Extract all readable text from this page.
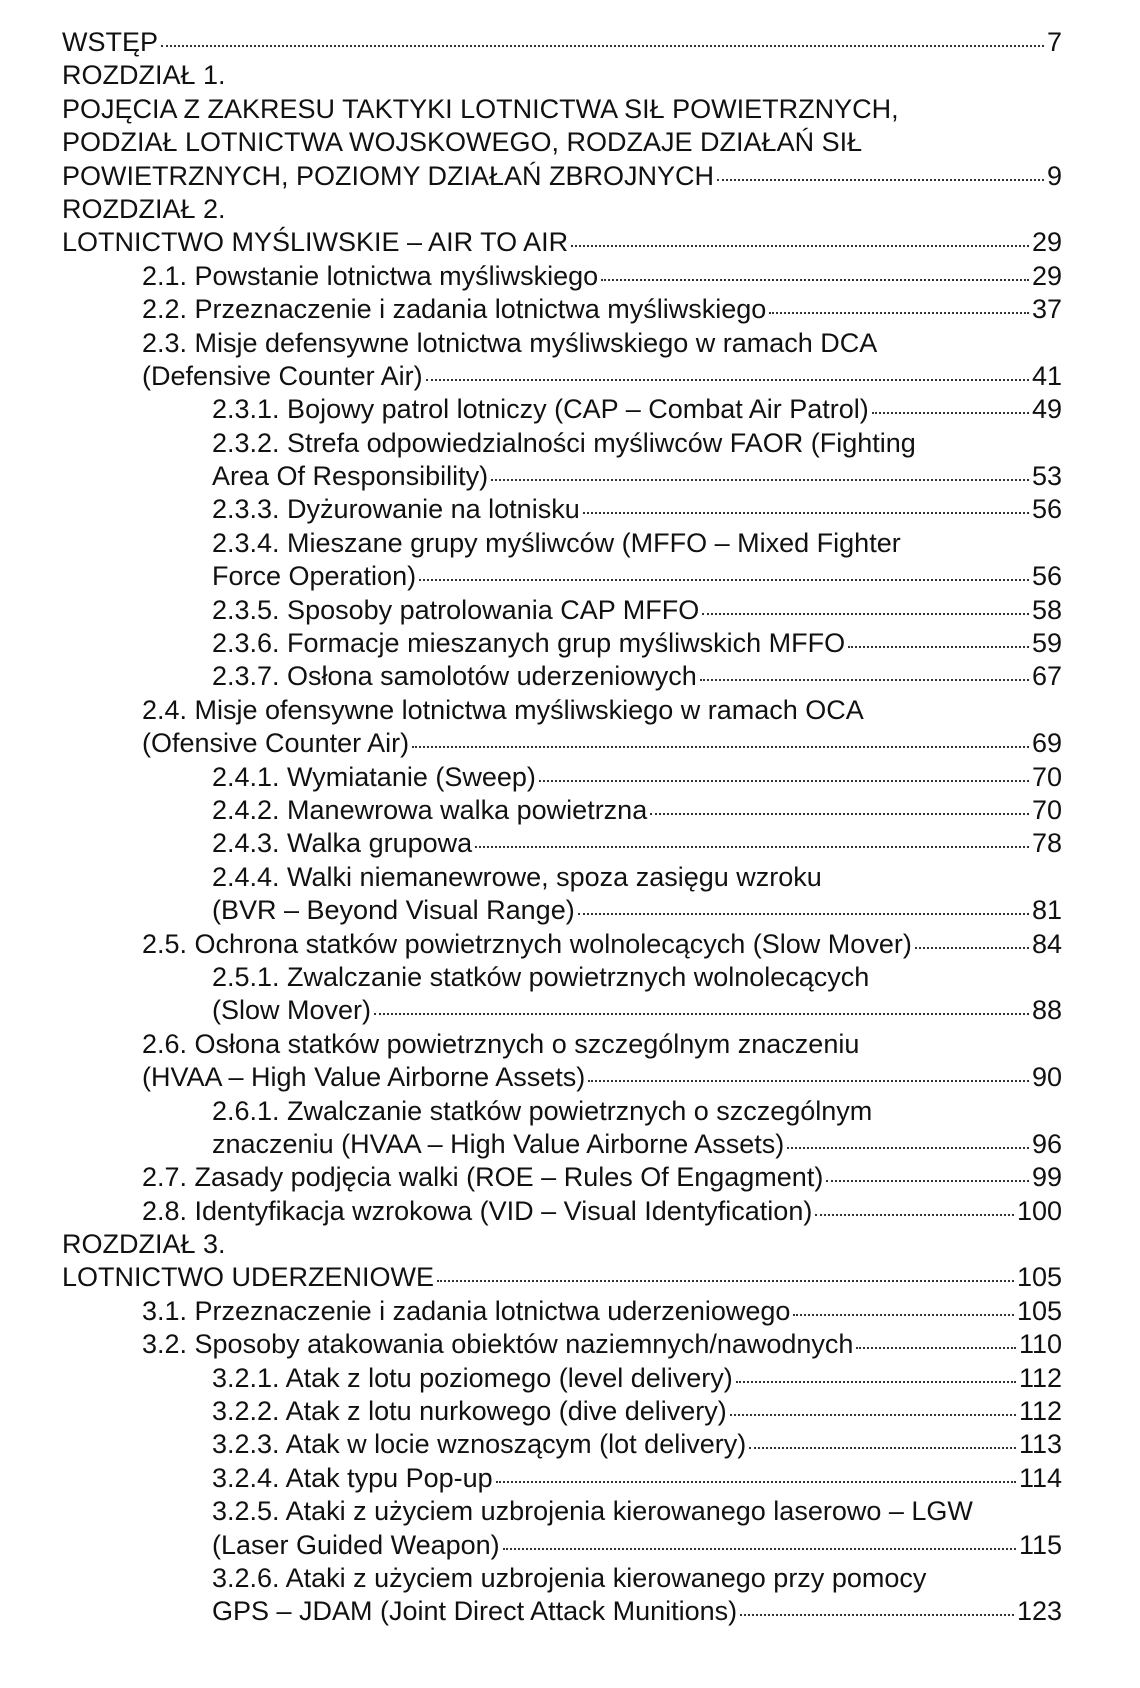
WSTĘP	7
ROZDZIAŁ 1.
POJĘCIA Z ZAKRESU TAKTYKI LOTNICTWA SIŁ POWIETRZNYCH,
PODZIAŁ LOTNICTWA WOJSKOWEGO, RODZAJE DZIAŁAŃ SIŁ
POWIETRZNYCH, POZIOMY DZIAŁAŃ ZBROJNYCH	9
ROZDZIAŁ 2.
LOTNICTWO MYŚLIWSKIE – AIR TO AIR	29
2.1. Powstanie lotnictwa myśliwskiego	29
2.2. Przeznaczenie i zadania lotnictwa myśliwskiego	37
2.3. Misje defensywne lotnictwa myśliwskiego w ramach DCA
(Defensive Counter Air)	41
2.3.1. Bojowy patrol lotniczy (CAP – Combat Air Patrol)	49
2.3.2. Strefa odpowiedzialności myśliwców FAOR (Fighting
Area Of Responsibility)	53
2.3.3. Dyżurowanie na lotnisku	56
2.3.4. Mieszane grupy myśliwców (MFFO – Mixed Fighter
Force Operation)	56
2.3.5. Sposoby patrolowania CAP MFFO	58
2.3.6. Formacje mieszanych grup myśliwskich MFFO	59
2.3.7. Osłona samolotów uderzeniowych	67
2.4. Misje ofensywne lotnictwa myśliwskiego w ramach OCA
(Ofensive Counter Air)	69
2.4.1. Wymiatanie (Sweep)	70
2.4.2. Manewrowa walka powietrzna	70
2.4.3. Walka grupowa	78
2.4.4. Walki niemanewrowe, spoza zasięgu wzroku
(BVR – Beyond Visual Range)	81
2.5. Ochrona statków powietrznych wolnolecących (Slow Mover)	84
2.5.1. Zwalczanie statków powietrznych wolnolecących
(Slow Mover)	88
2.6. Osłona statków powietrznych o szczególnym znaczeniu
(HVAA – High Value Airborne Assets)	90
2.6.1. Zwalczanie statków powietrznych o szczególnym
znaczeniu (HVAA – High Value Airborne Assets)	96
2.7. Zasady podjęcia walki (ROE – Rules Of Engagment)	99
2.8. Identyfikacja wzrokowa (VID – Visual Identyfication)	100
ROZDZIAŁ 3.
LOTNICTWO UDERZENIOWE	105
3.1. Przeznaczenie i zadania lotnictwa uderzeniowego	105
3.2. Sposoby atakowania obiektów naziemnych/nawodnych	110
3.2.1. Atak z lotu poziomego (level delivery)	112
3.2.2. Atak z lotu nurkowego (dive delivery)	112
3.2.3. Atak w locie wznoszącym (lot delivery)	113
3.2.4. Atak typu Pop-up	114
3.2.5. Ataki z użyciem uzbrojenia kierowanego laserowo – LGW
(Laser Guided Weapon)	115
3.2.6. Ataki z użyciem uzbrojenia kierowanego przy pomocy
GPS – JDAM (Joint Direct Attack Munitions)	123
